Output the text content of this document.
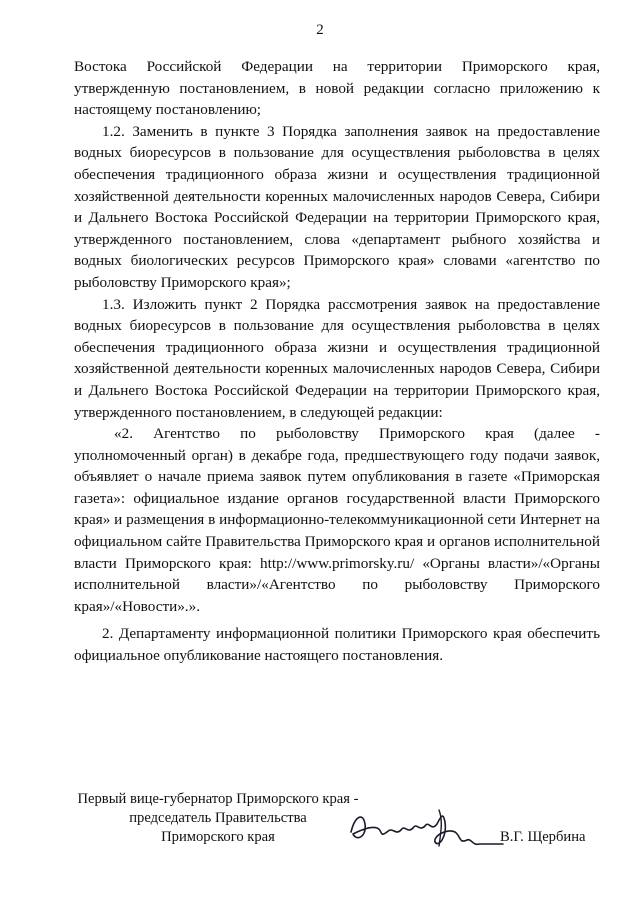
2

Востока Российской Федерации на территории Приморского края, утвержденную постановлением, в новой редакции согласно приложению к настоящему постановлению;

1.2. Заменить в пункте 3 Порядка заполнения заявок на предоставление водных биоресурсов в пользование для осуществления рыболовства в целях обеспечения традиционного образа жизни и осуществления традиционной хозяйственной деятельности коренных малочисленных народов Севера, Сибири и Дальнего Востока Российской Федерации на территории Приморского края, утвержденного постановлением, слова «департамент рыбного хозяйства и водных биологических ресурсов Приморского края» словами «агентство по рыболовству Приморского края»;

1.3. Изложить пункт 2 Порядка рассмотрения заявок на предоставление водных биоресурсов в пользование для осуществления рыболовства в целях обеспечения традиционного образа жизни и осуществления традиционной хозяйственной деятельности коренных малочисленных народов Севера, Сибири и Дальнего Востока Российской Федерации на территории Приморского края, утвержденного постановлением, в следующей редакции:

«2. Агентство по рыболовству Приморского края (далее - уполномоченный орган) в декабре года, предшествующего году подачи заявок, объявляет о начале приема заявок путем опубликования в газете «Приморская газета»: официальное издание органов государственной власти Приморского края» и размещения в информационно-телекоммуникационной сети Интернет на официальном сайте Правительства Приморского края и органов исполнительной власти Приморского края: http://www.primorsky.ru/ «Органы власти»/«Органы исполнительной власти»/«Агентство по рыболовству Приморского края»/«Новости».».

2. Департаменту информационной политики Приморского края обеспечить официальное опубликование настоящего постановления.

Первый вице-губернатор Приморского края -
председатель Правительства
Приморского края	В.Г. Щербина
